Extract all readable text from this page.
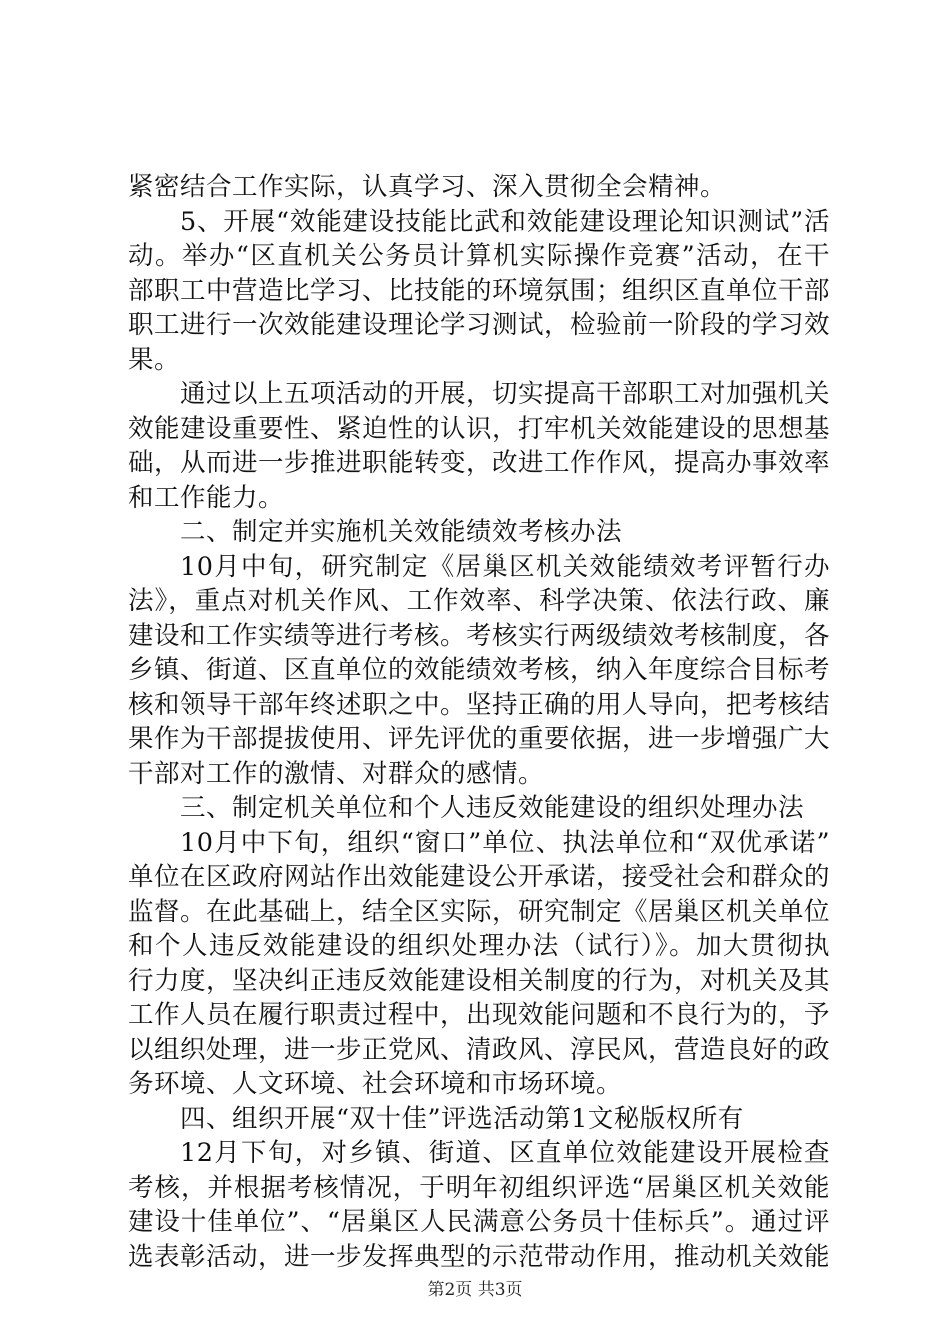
紧密结合工作实际，认真学习、深入贯彻全会精神。

5、开展“效能建设技能比武和效能建设理论知识测试”活动。举办“区直机关公务员计算机实际操作竞赛”活动，在干部职工中营造比学习、比技能的环境氛围；组织区直单位干部职工进行一次效能建设理论学习测试，检验前一阶段的学习效果。

通过以上五项活动的开展，切实提高干部职工对加强机关效能建设重要性、紧迫性的认识，打牢机关效能建设的思想基础，从而进一步推进职能转变，改进工作作风，提高办事效率和工作能力。

二、制定并实施机关效能绩效考核办法

10月中旬，研究制定《居巢区机关效能绩效考评暂行办法》，重点对机关作风、工作效率、科学决策、依法行政、廉建设和工作实绩等进行考核。考核实行两级绩效考核制度，各乡镇、街道、区直单位的效能绩效考核，纳入年度综合目标考核和领导干部年终述职之中。坚持正确的用人导向，把考核结果作为干部提拔使用、评先评优的重要依据，进一步增强广大干部对工作的激情、对群众的感情。

三、制定机关单位和个人违反效能建设的组织处理办法

10月中下旬，组织“窗口”单位、执法单位和“双优承诺”单位在区政府网站作出效能建设公开承诺，接受社会和群众的监督。在此基础上，结全区实际，研究制定《居巢区机关单位和个人违反效能建设的组织处理办法（试行）》。加大贯彻执行力度，坚决纠正违反效能建设相关制度的行为，对机关及其工作人员在履行职责过程中，出现效能问题和不良行为的，予以组织处理，进一步正党风、清政风、淳民风，营造良好的政务环境、人文环境、社会环境和市场环境。

四、组织开展“双十佳”评选活动第1文秘版权所有

12月下旬，对乡镇、街道、区直单位效能建设开展检查考核，并根据考核情况，于明年初组织评选“居巢区机关效能建设十佳单位”、“居巢区人民满意公务员十佳标兵”。通过评选表彰活动，进一步发挥典型的示范带动作用，推动机关效能

第2页 共3页
